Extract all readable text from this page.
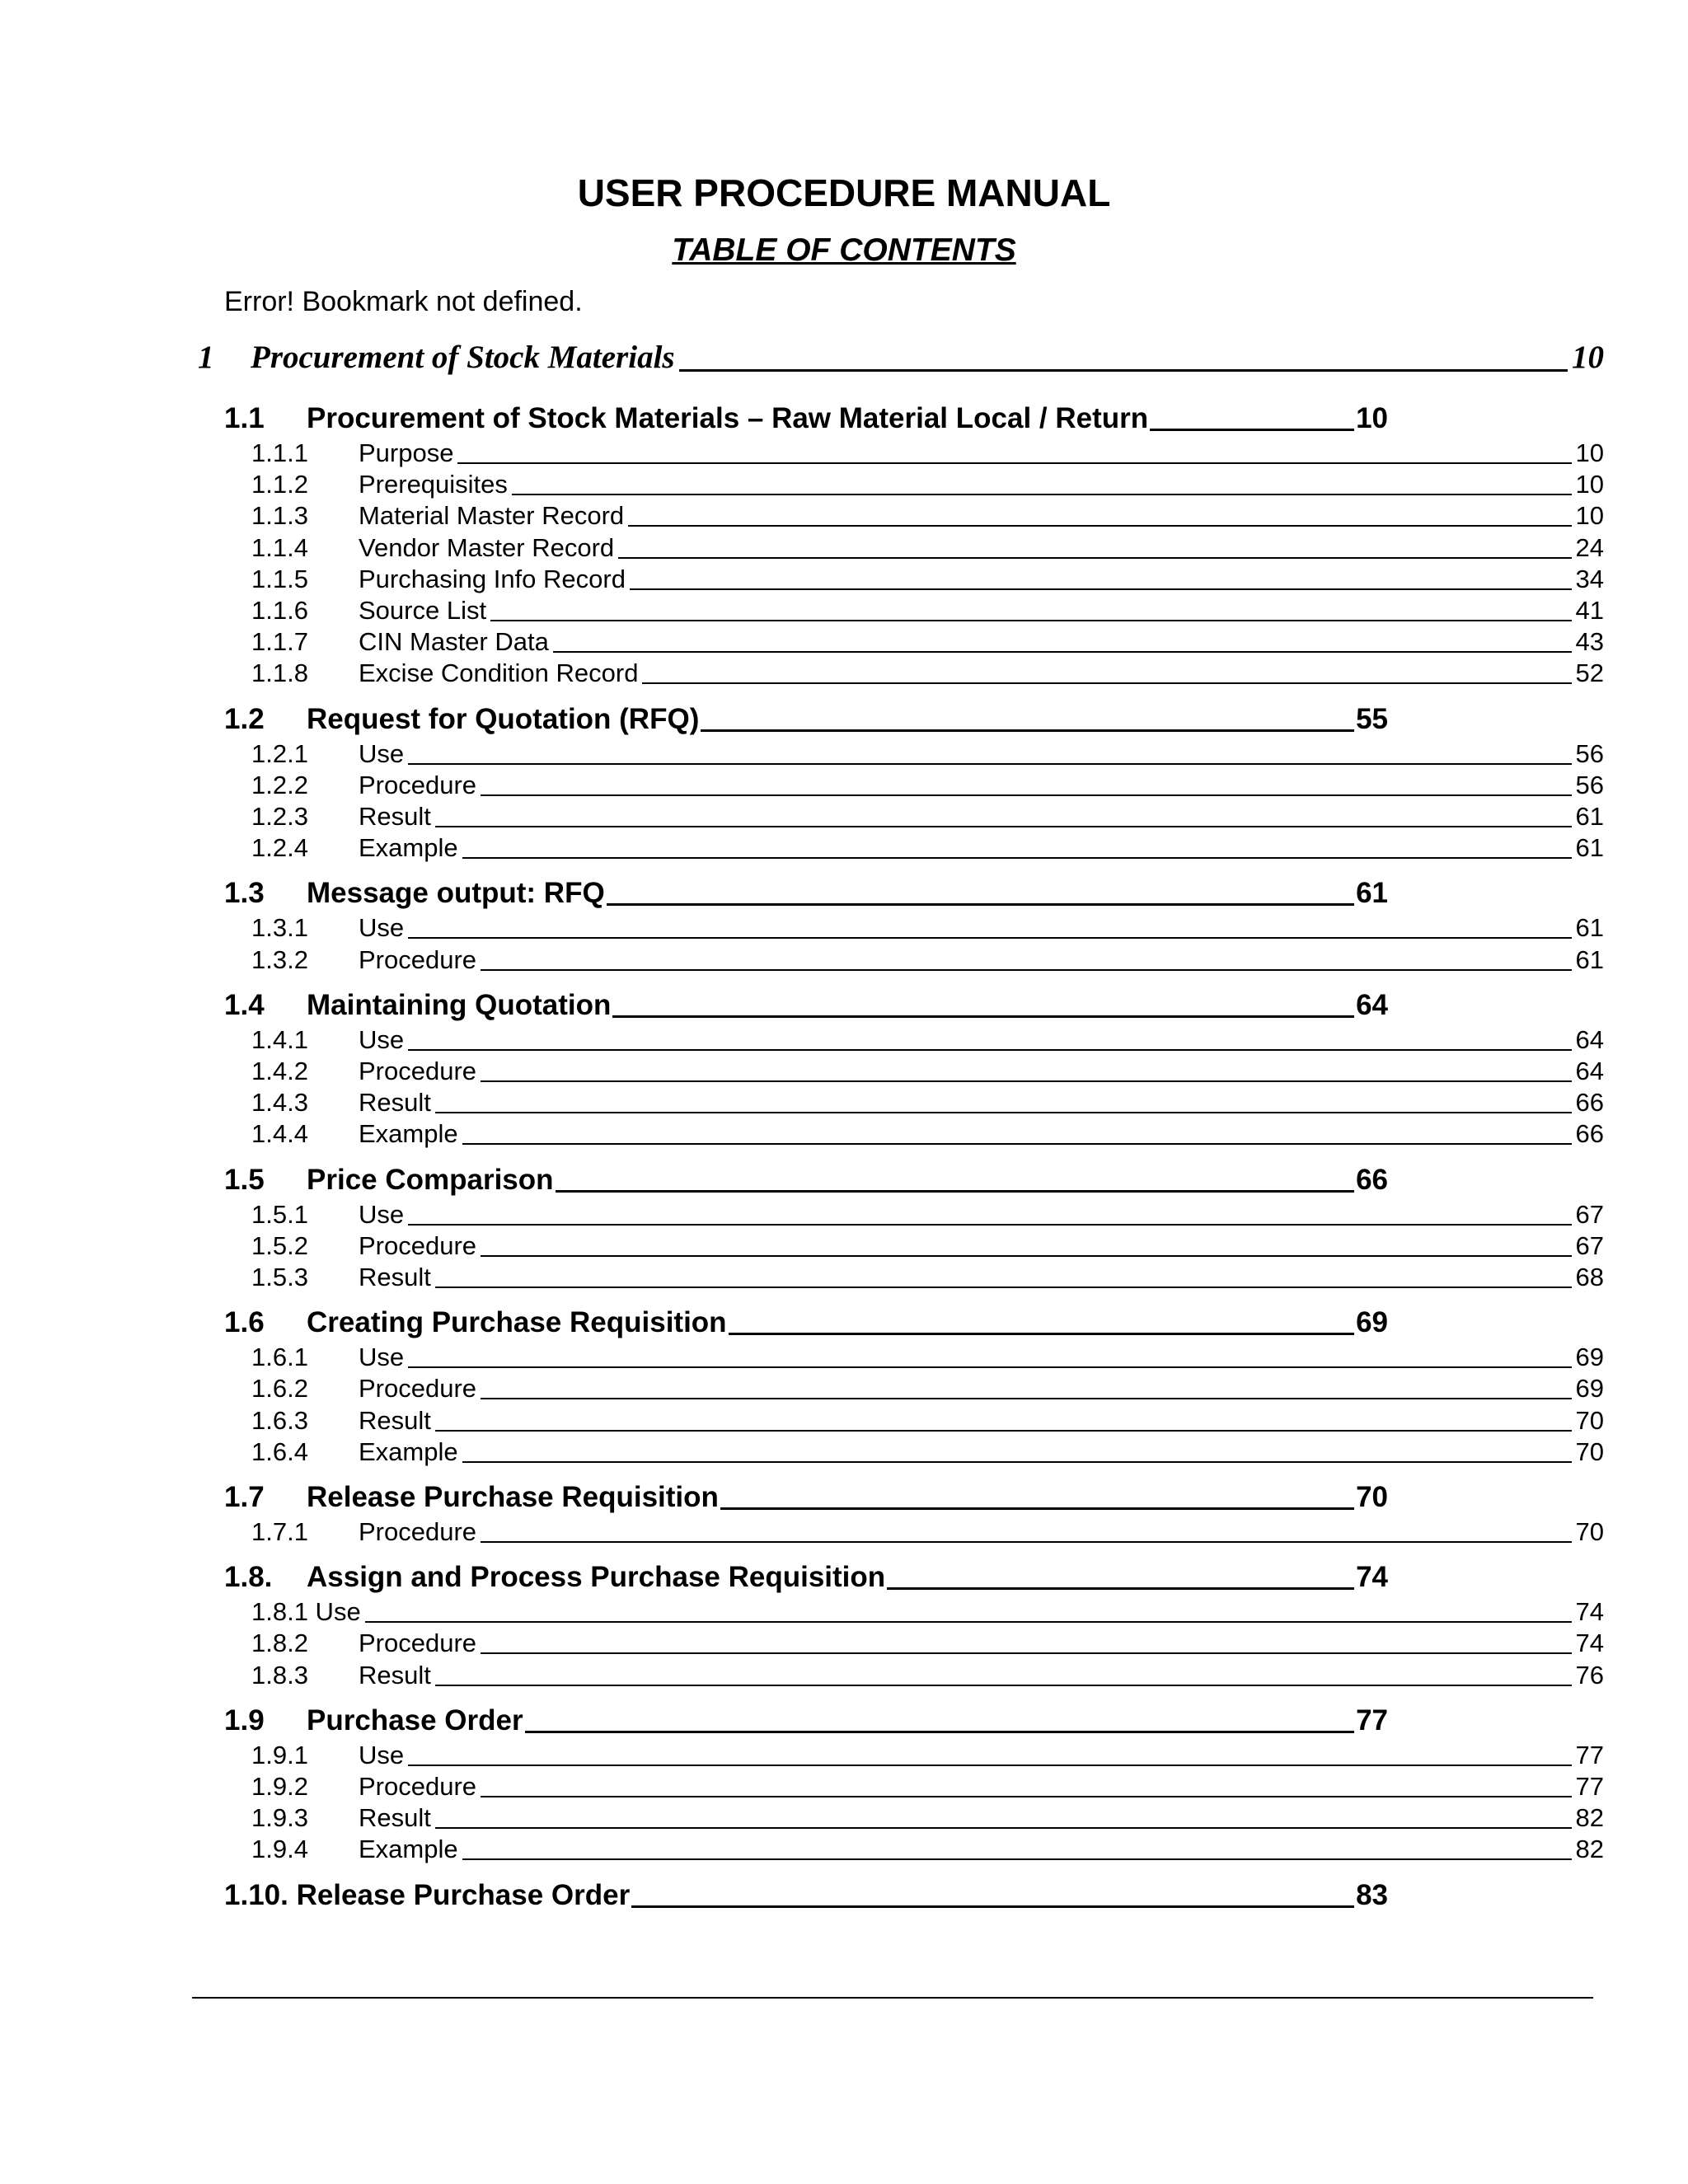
USER PROCEDURE MANUAL
TABLE OF CONTENTS
Error! Bookmark not defined.
1	Procurement of Stock Materials	10
1.1	Procurement of Stock Materials – Raw Material Local / Return	10
1.1.1	Purpose	10
1.1.2	Prerequisites	10
1.1.3	Material Master Record	10
1.1.4	Vendor Master Record	24
1.1.5	Purchasing Info Record	34
1.1.6	Source List	41
1.1.7	CIN Master Data	43
1.1.8	Excise Condition Record	52
1.2	Request for Quotation (RFQ)	55
1.2.1	Use	56
1.2.2	Procedure	56
1.2.3	Result	61
1.2.4	Example	61
1.3	Message output: RFQ	61
1.3.1	Use	61
1.3.2	Procedure	61
1.4	Maintaining Quotation	64
1.4.1	Use	64
1.4.2	Procedure	64
1.4.3	Result	66
1.4.4	Example	66
1.5	Price Comparison	66
1.5.1	Use	67
1.5.2	Procedure	67
1.5.3	Result	68
1.6	Creating Purchase Requisition	69
1.6.1	Use	69
1.6.2	Procedure	69
1.6.3	Result	70
1.6.4	Example	70
1.7	Release Purchase Requisition	70
1.7.1	Procedure	70
1.8.	Assign and Process Purchase Requisition	74
1.8.1 Use	74
1.8.2	Procedure	74
1.8.3	Result	76
1.9	Purchase Order	77
1.9.1	Use	77
1.9.2	Procedure	77
1.9.3	Result	82
1.9.4	Example	82
1.10. Release Purchase Order	83
